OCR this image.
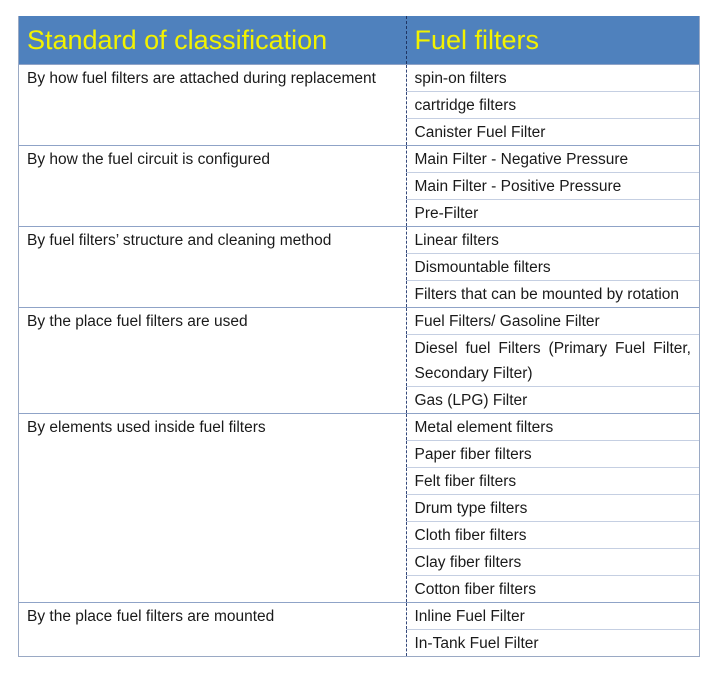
Standard of classification	Fuel filters
By how fuel filters are attached during replacement	spin-on filters
	cartridge filters
	Canister Fuel Filter
By how the fuel circuit is configured	Main Filter - Negative Pressure
	Main Filter - Positive Pressure
	Pre-Filter
By fuel filters’ structure and cleaning method	Linear filters
	Dismountable filters
	Filters that can be mounted by rotation
By the place fuel filters are used	Fuel Filters/ Gasoline Filter
	Diesel fuel Filters (Primary Fuel Filter, Secondary Filter)
	Gas (LPG) Filter
By elements used inside fuel filters	Metal element filters
	Paper fiber filters
	Felt fiber filters
	Drum type filters
	Cloth fiber filters
	Clay fiber filters
	Cotton fiber filters
By the place fuel filters are mounted	Inline Fuel Filter
	In-Tank Fuel Filter
